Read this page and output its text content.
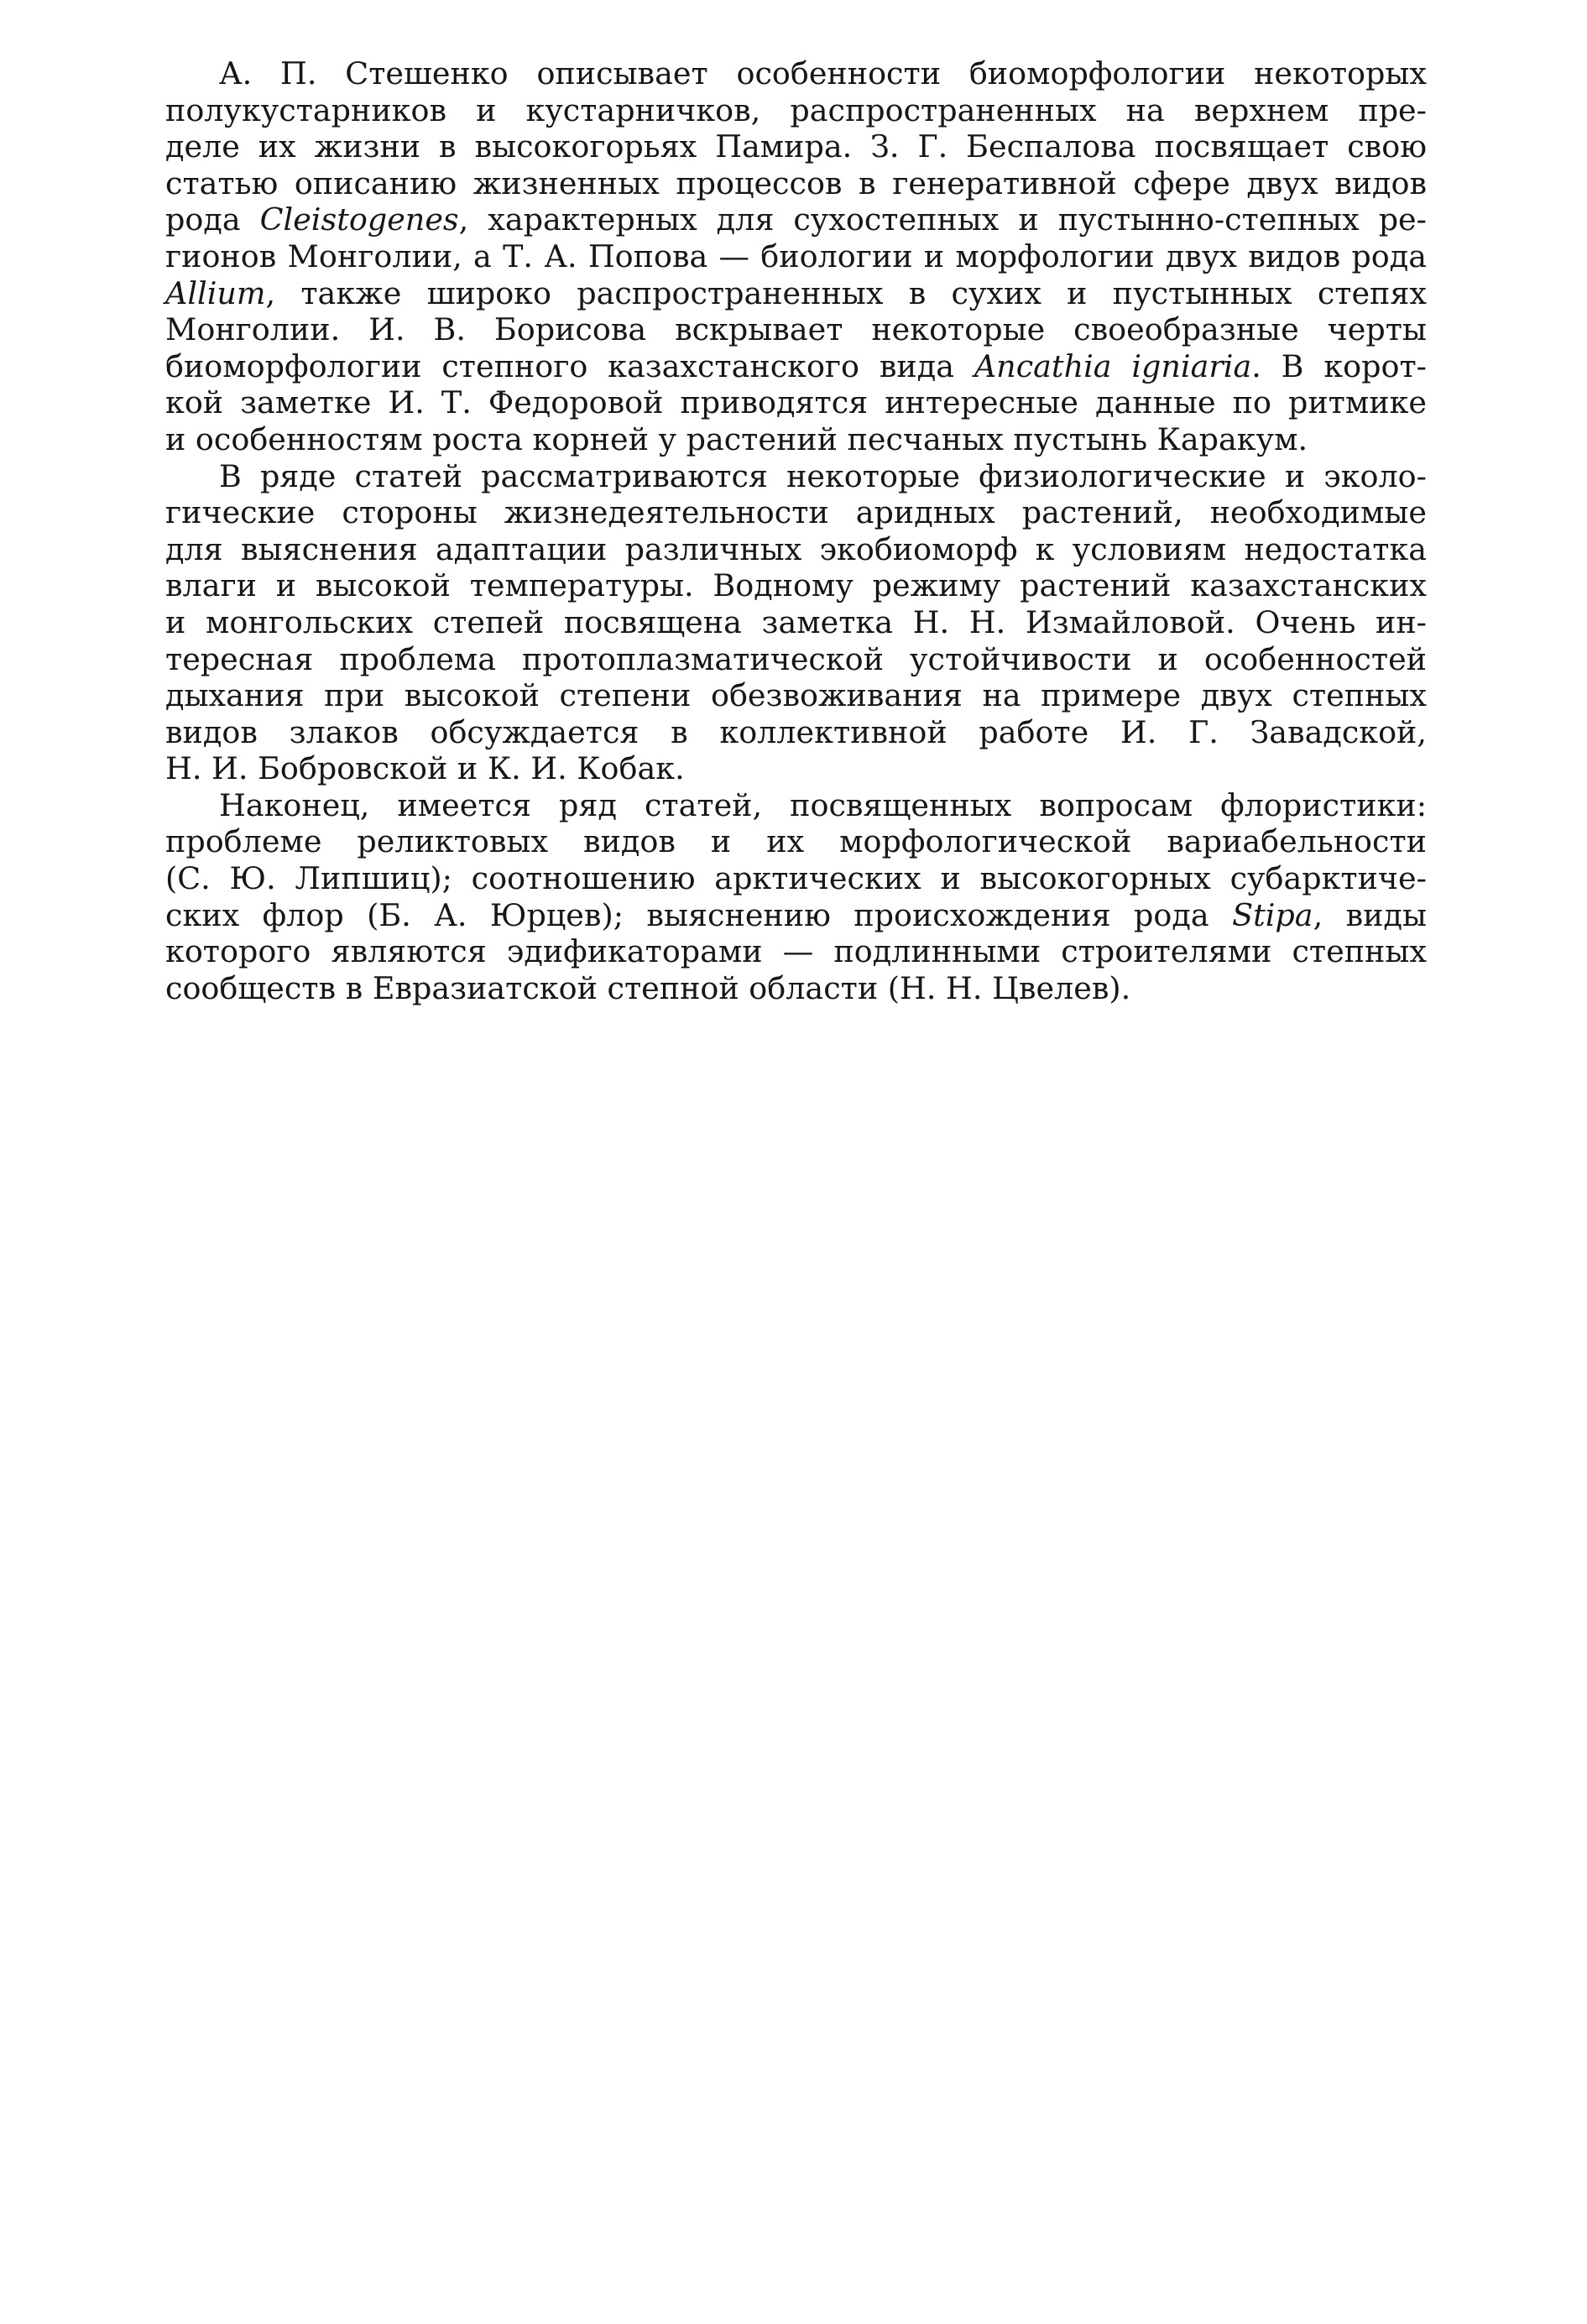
А. П. Стешенко описывает особенности биоморфологии некоторых
полукустарников и кустарничков, распространенных на верхнем пре-
деле их жизни в высокогорьях Памира. З. Г. Беспалова посвящает свою
статью описанию жизненных процессов в генеративной сфере двух видов
рода Cleistogenes, характерных для сухостепных и пустынно-степных ре-
гионов Монголии, а Т. А. Попова — биологии и морфологии двух видов рода
Allium, также широко распространенных в сухих и пустынных степях
Монголии. И. В. Борисова вскрывает некоторые своеобразные черты
биоморфологии степного казахстанского вида Ancathia igniaria. В корот-
кой заметке И. Т. Федоровой приводятся интересные данные по ритмике
и особенностям роста корней у растений песчаных пустынь Каракум.
В ряде статей рассматриваются некоторые физиологические и эколо-
гические стороны жизнедеятельности аридных растений, необходимые
для выяснения адаптации различных экобиоморф к условиям недостатка
влаги и высокой температуры. Водному режиму растений казахстанских
и монгольских степей посвящена заметка Н. Н. Измайловой. Очень ин-
тересная проблема протоплазматической устойчивости и особенностей
дыхания при высокой степени обезвоживания на примере двух степных
видов злаков обсуждается в коллективной работе И. Г. Завадской,
Н. И. Бобровской и К. И. Кобак.
Наконец, имеется ряд статей, посвященных вопросам флористики:
проблеме реликтовых видов и их морфологической вариабельности
(С. Ю. Липшиц); соотношению арктических и высокогорных субарктиче-
ских флор (Б. А. Юрцев); выяснению происхождения рода Stipa, виды
которого являются эдификаторами — подлинными строителями степных
сообществ в Евразиатской степной области (Н. Н. Цвелев).
